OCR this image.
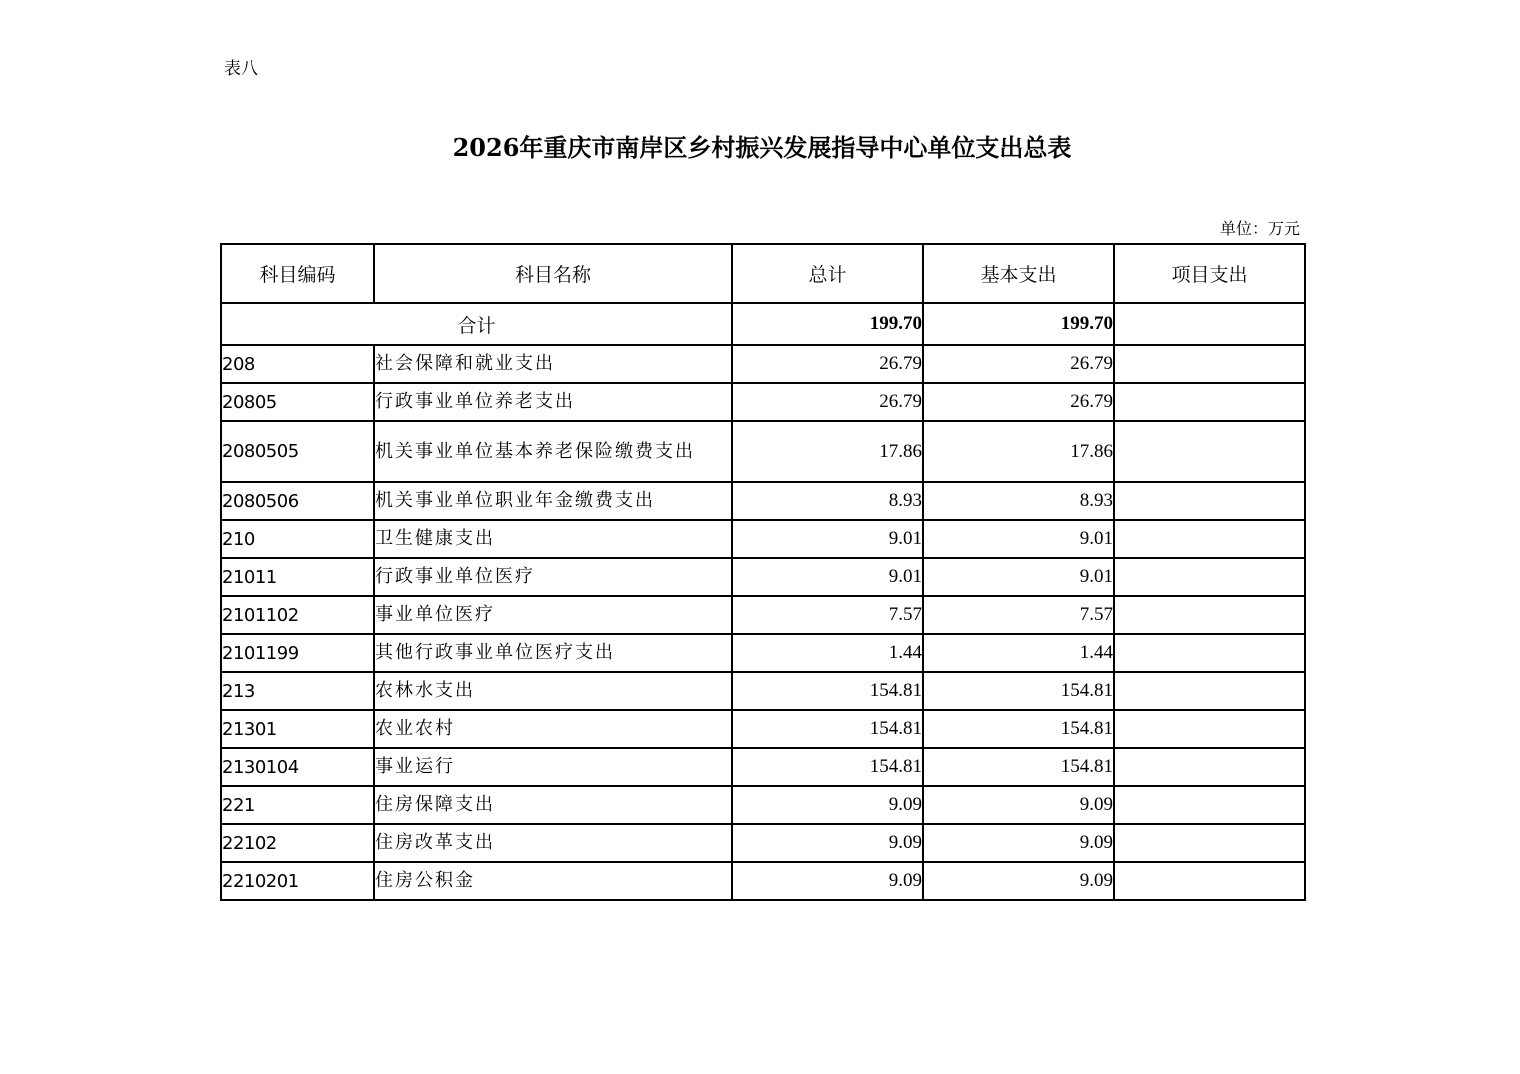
表八
2026年重庆市南岸区乡村振兴发展指导中心单位支出总表
单位：万元
科目编码	科目名称	总计	基本支出	项目支出
合计		199.70	199.70	
208	社会保障和就业支出	26.79	26.79	
20805	行政事业单位养老支出	26.79	26.79	
2080505	机关事业单位基本养老保险缴费支出	17.86	17.86	
2080506	机关事业单位职业年金缴费支出	8.93	8.93	
210	卫生健康支出	9.01	9.01	
21011	行政事业单位医疗	9.01	9.01	
2101102	事业单位医疗	7.57	7.57	
2101199	其他行政事业单位医疗支出	1.44	1.44	
213	农林水支出	154.81	154.81	
21301	农业农村	154.81	154.81	
2130104	事业运行	154.81	154.81	
221	住房保障支出	9.09	9.09	
22102	住房改革支出	9.09	9.09	
2210201	住房公积金	9.09	9.09	
